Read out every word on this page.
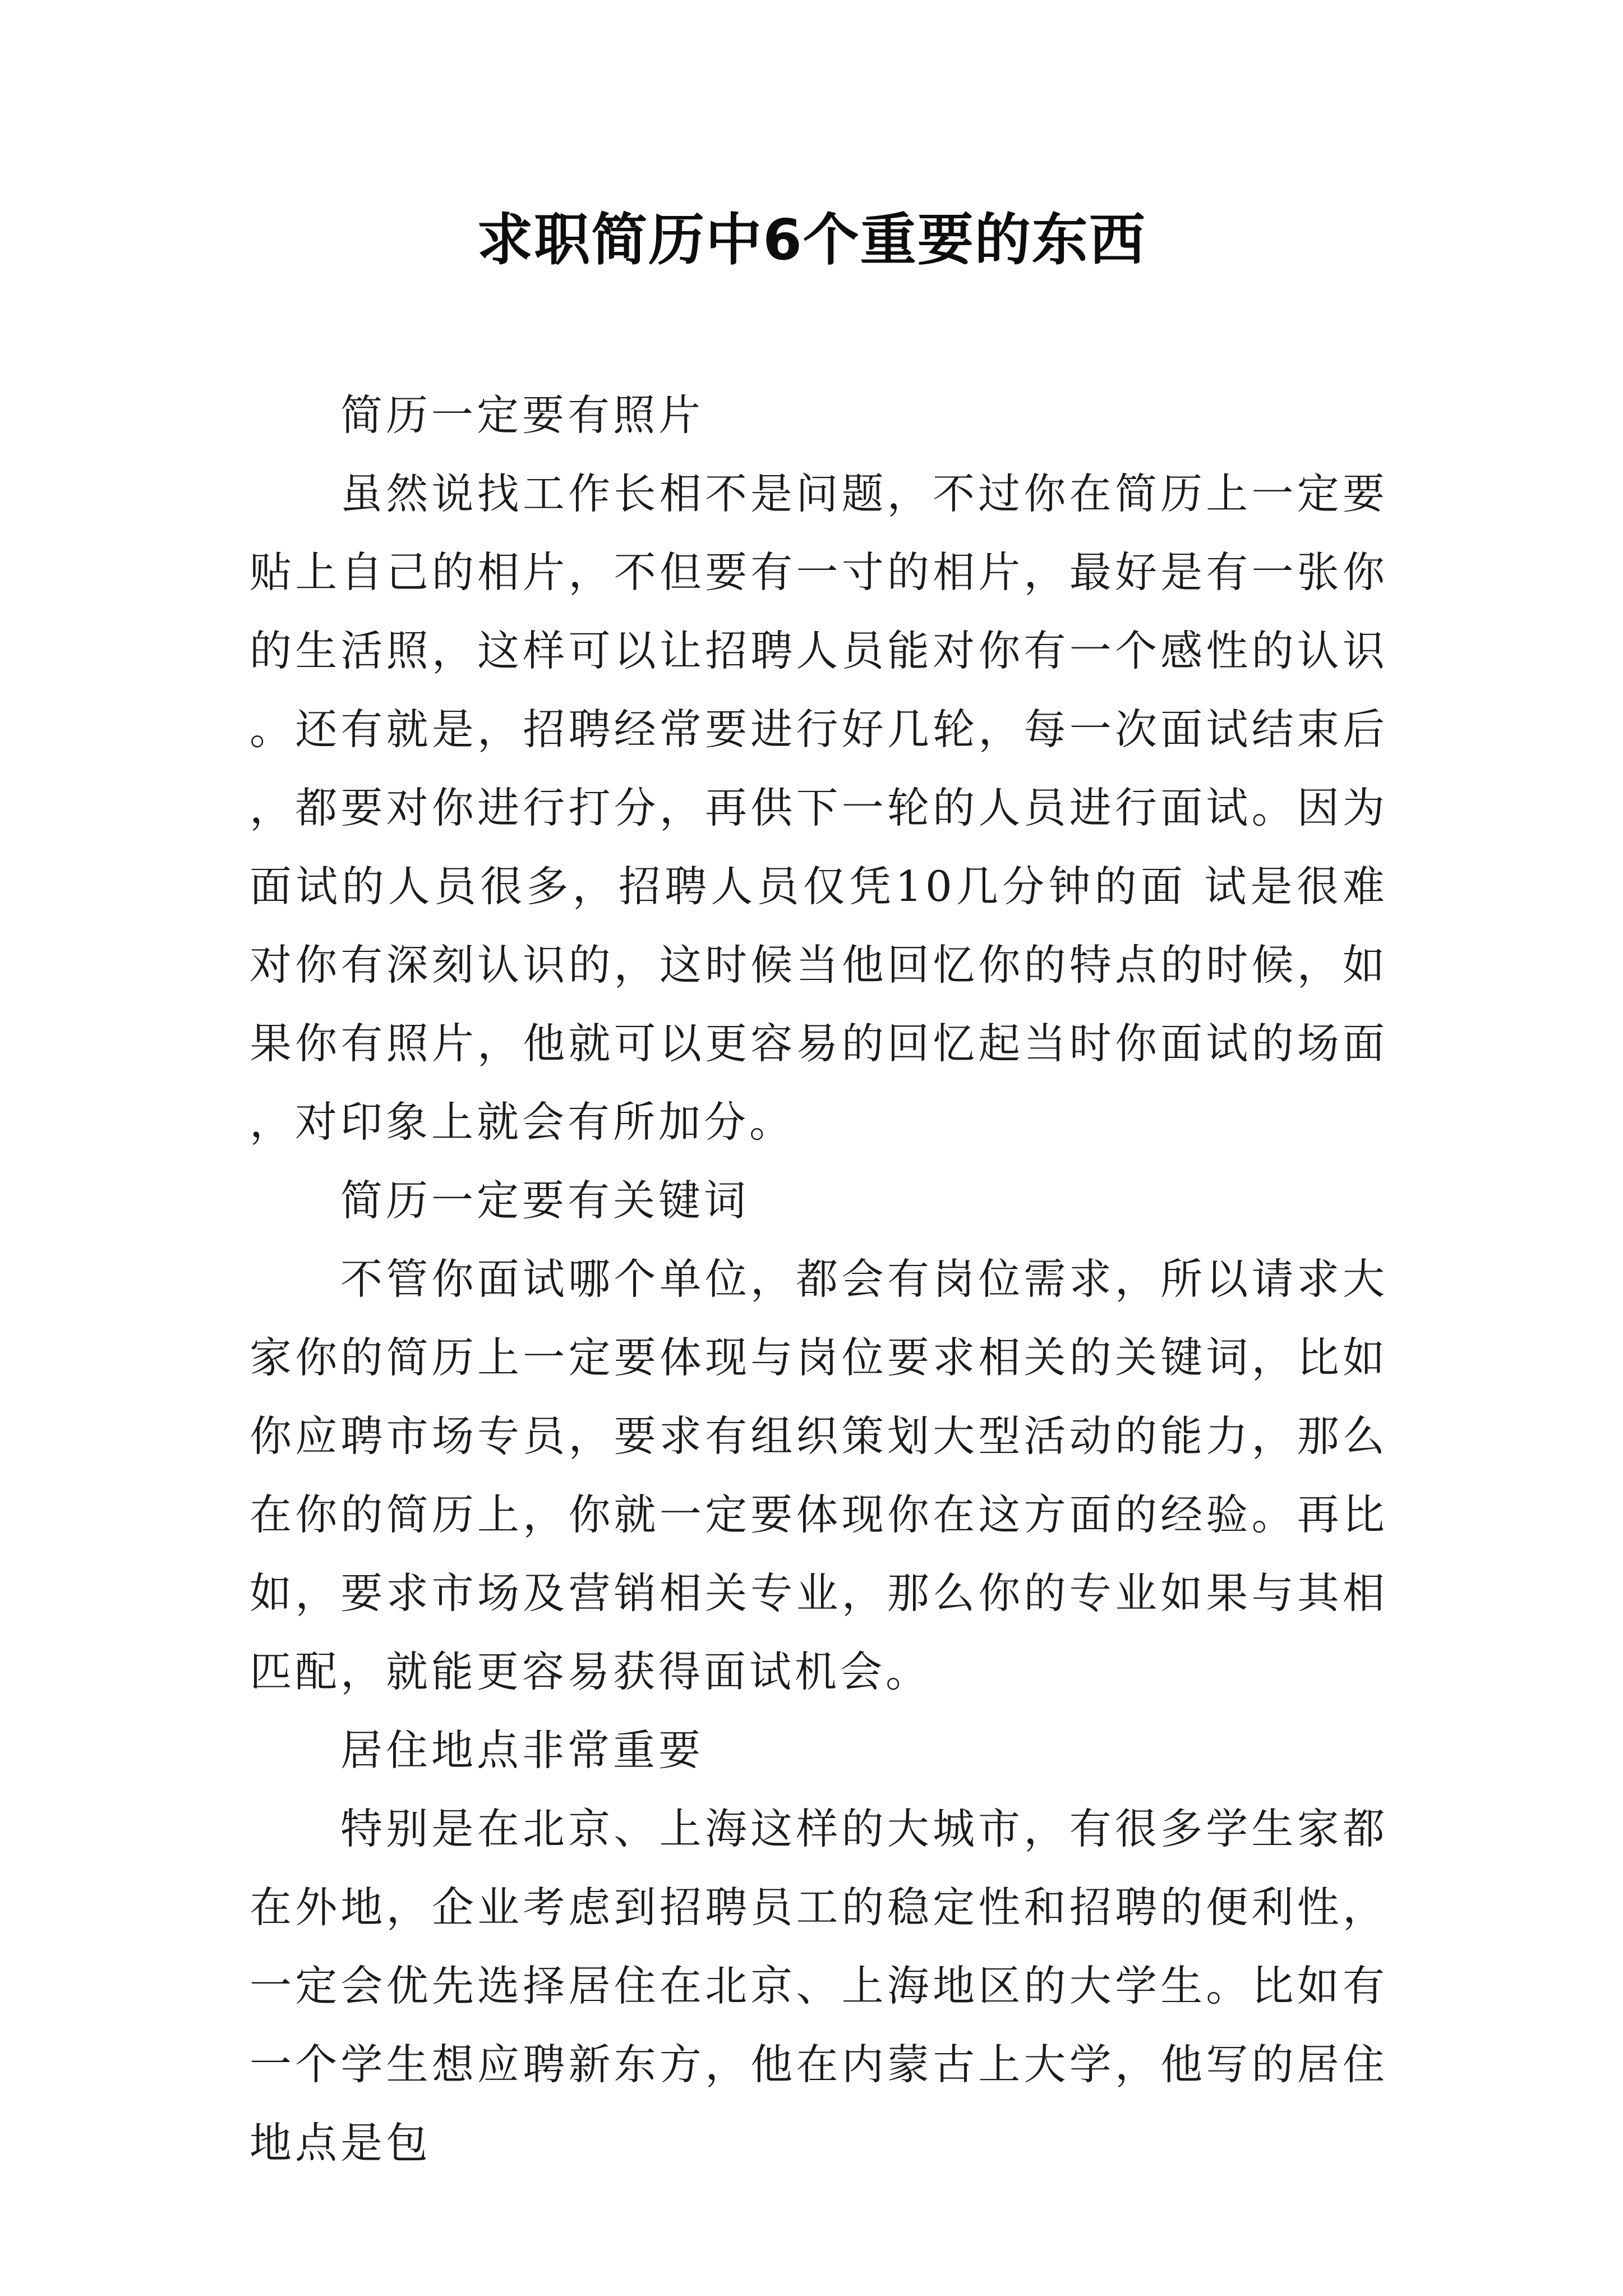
求职简历中6个重要的东西

简历一定要有照片

虽然说找工作长相不是问题，不过你在简历上一定要贴上自己的相片，不但要有一寸的相片，最好是有一张你的生活照，这样可以让招聘人员能对你有一个感性的认识。还有就是，招聘经常要进行好几轮，每一次面试结束后，都要对你进行打分，再供下一轮的人员进行面试。因为面试的人员很多，招聘人员仅凭10几分钟的面 试是很难对你有深刻认识的，这时候当他回忆你的特点的时候，如果你有照片，他就可以更容易的回忆起当时你面试的场面，对印象上就会有所加分。

简历一定要有关键词

不管你面试哪个单位，都会有岗位需求，所以请求大家你的简历上一定要体现与岗位要求相关的关键词，比如你应聘市场专员，要求有组织策划大型活动的能力，那么在你的简历上，你就一定要体现你在这方面的经验。再比如，要求市场及营销相关专业，那么你的专业如果与其相匹配，就能更容易获得面试机会。

居住地点非常重要

特别是在北京、上海这样的大城市，有很多学生家都在外地，企业考虑到招聘员工的稳定性和招聘的便利性，一定会优先选择居住在北京、上海地区的大学生。比如有一个学生想应聘新东方，他在内蒙古上大学，他写的居住地点是包
